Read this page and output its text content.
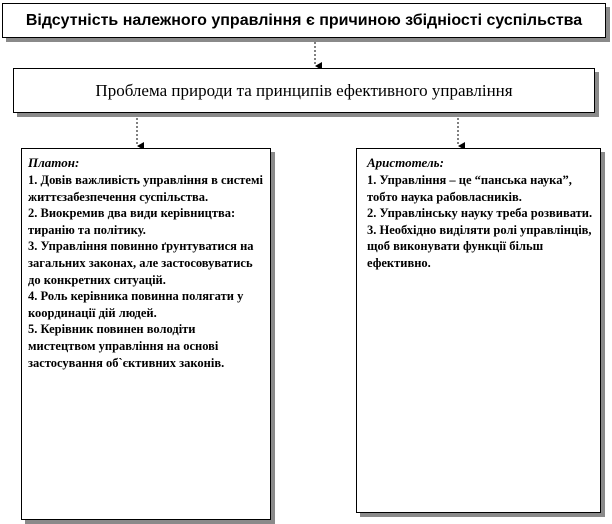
Відсутність належного управління є причиною збідніості суспільства
Проблема природи та принципів ефективного управління

Платон:

1. Довів важливість управління в системі життєзабезпечення суспільства.

2. Виокремив два види керівництва: тиранію та політику.

3. Управління повинно ґрунтуватися на загальних законах, але застосовуватись до конкретних ситуацій.

4. Роль керівника повинна полягати у координації дій людей.

5. Керівник повинен володіти мистецтвом управління на основі застосування об`єктивних законів.

Аристотель:

1. Управління – це “панська наука”, тобто наука рабовласників.

2. Управлінську науку треба розвивати.

3. Необхідно виділяти ролі управлінців, щоб виконувати функції більш ефективно.
